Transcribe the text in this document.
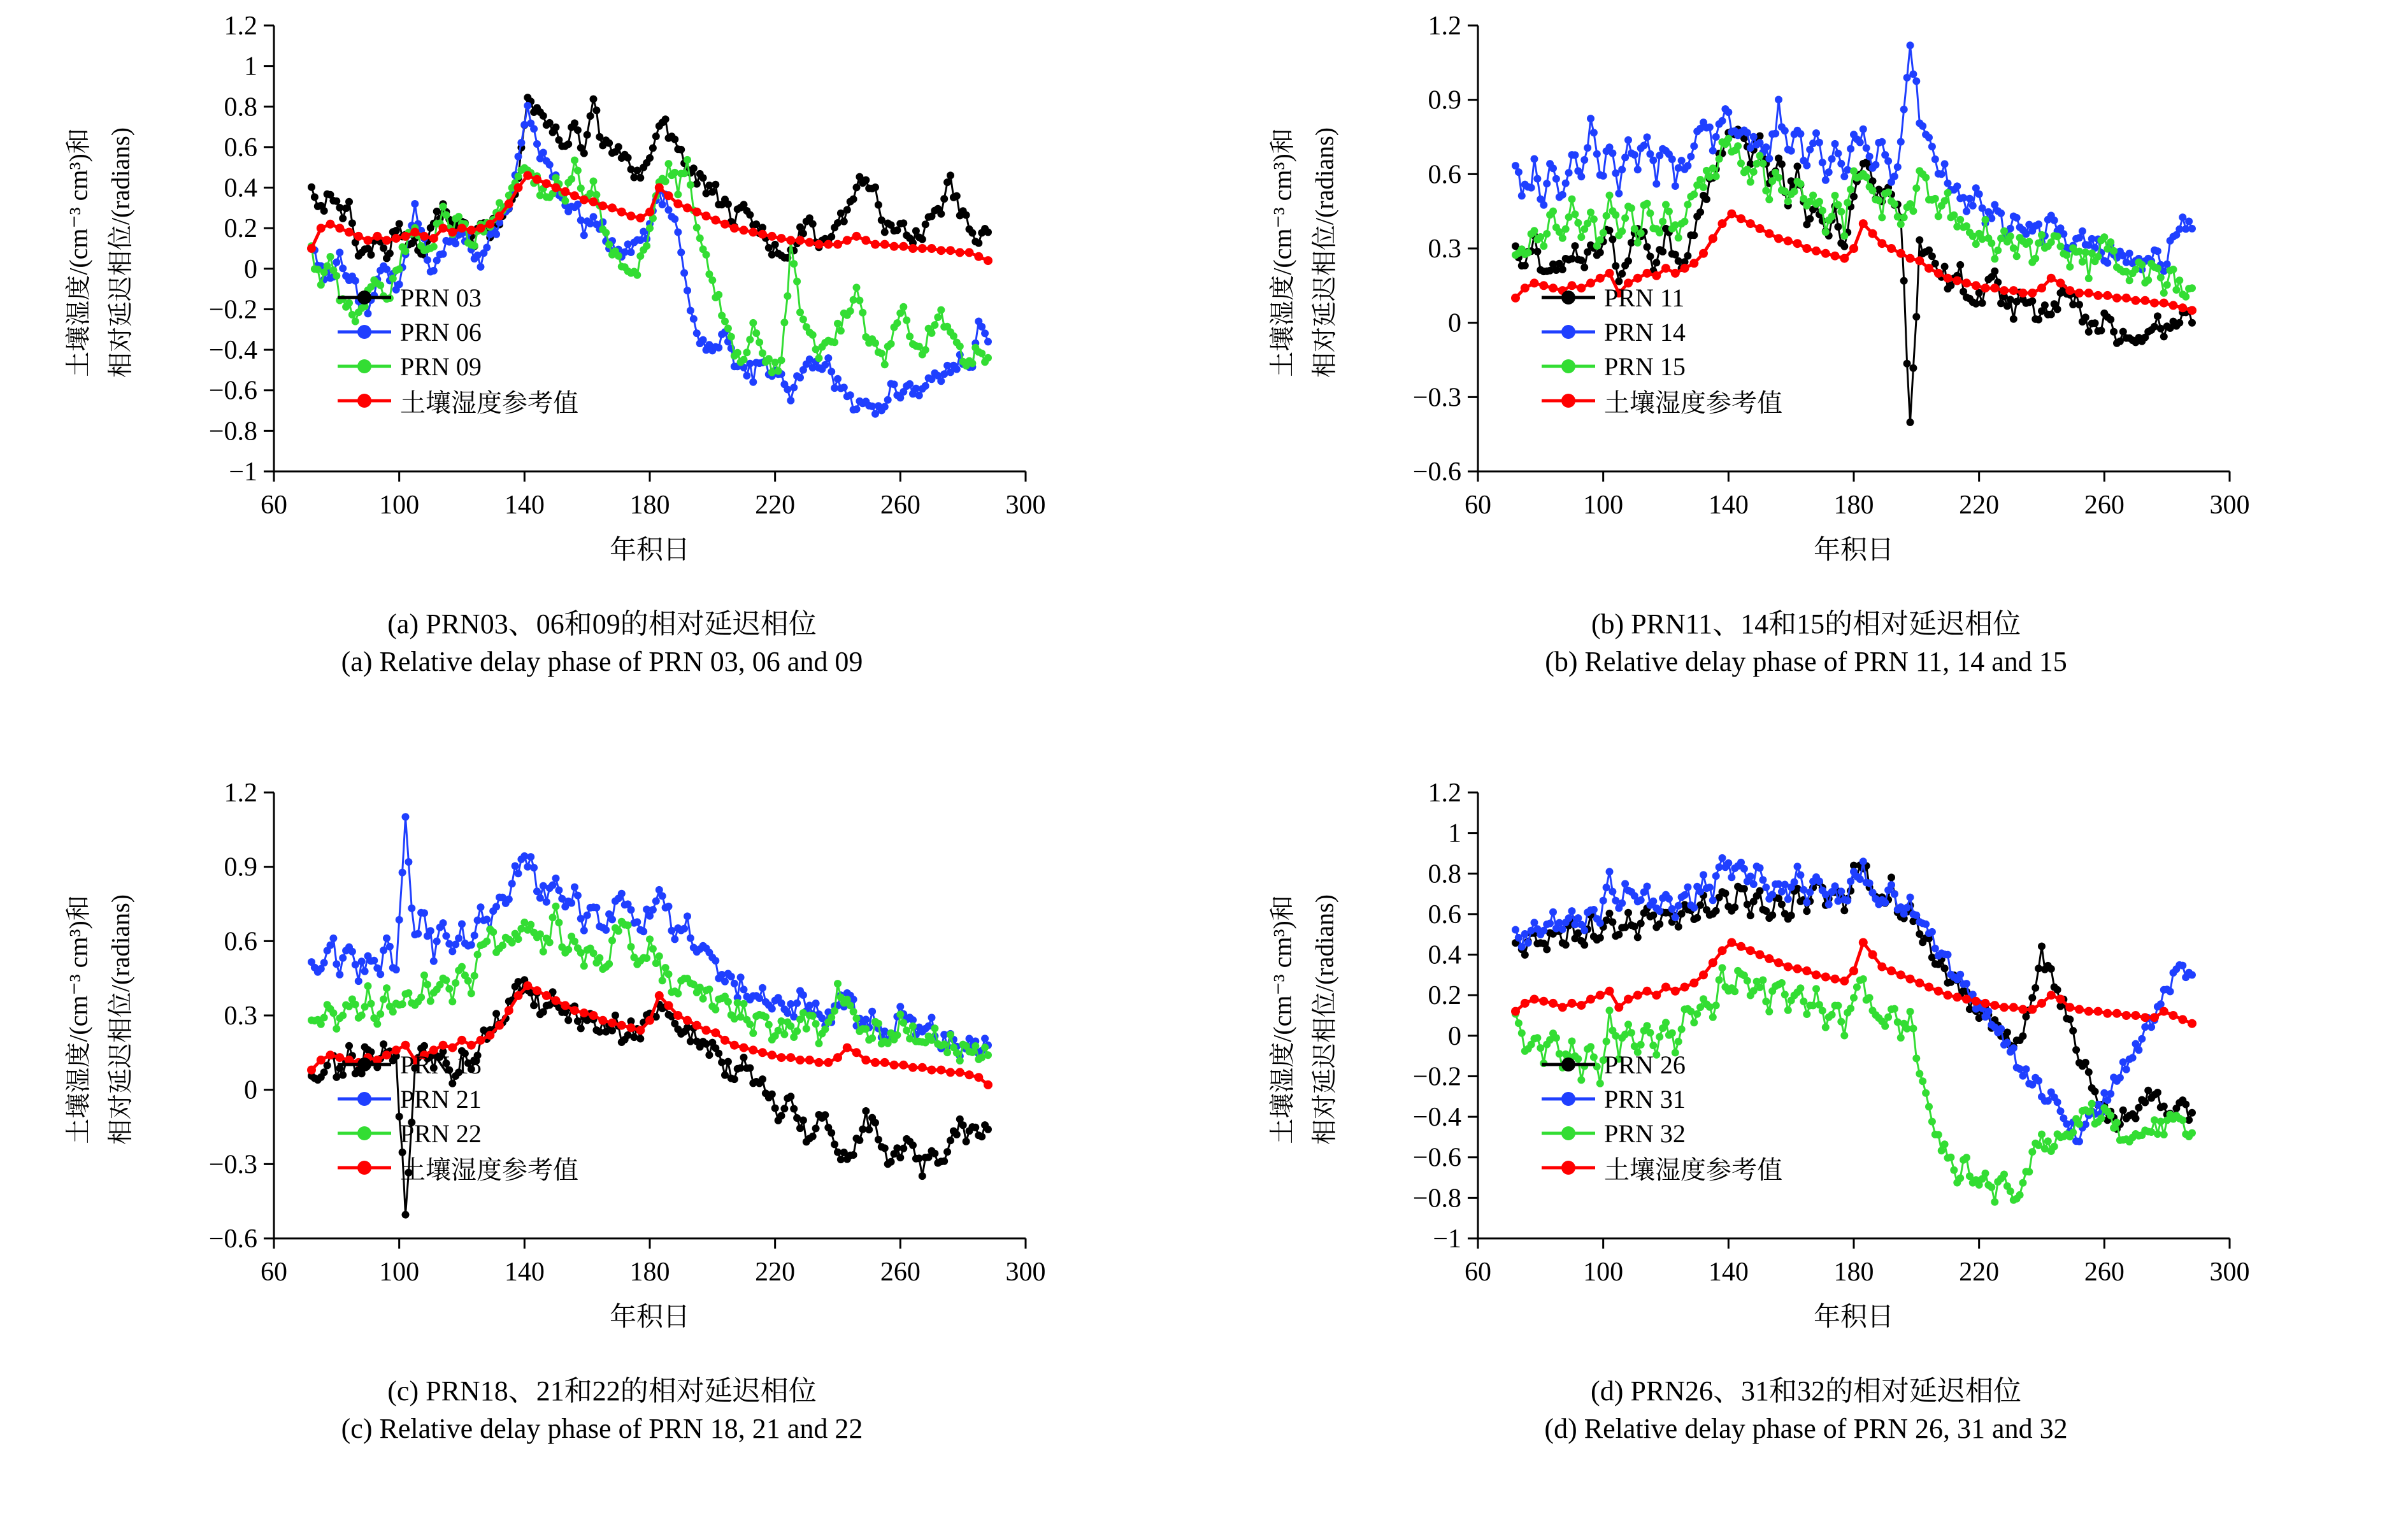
−1
−0.8
−0.6
−0.4
−0.2
0
0.2
0.4
0.6
0.8
1
1.2
60	100	140	180	220	260	300
土壤湿度/(cm⁻³ cm³)和 相对延迟相位/(radians)
年积日
PRN 03
PRN 06
PRN 09
土壤湿度参考值
(a) PRN03、06和09的相对延迟相位
(a) Relative delay phase of PRN 03, 06 and 09
−0.6
−0.3
0
0.3
0.6
0.9
1.2
60	100	140	180	220	260	300
土壤湿度/(cm⁻³ cm³)和 相对延迟相位/(radians)
年积日
PRN 11
PRN 14
PRN 15
土壤湿度参考值
(b) PRN11、14和15的相对延迟相位
(b) Relative delay phase of PRN 11, 14 and 15
−0.6
−0.3
0
0.3
0.6
0.9
1.2
60	100	140	180	220	260	300
土壤湿度/(cm⁻³ cm³)和 相对延迟相位/(radians)
年积日
PRN 18
PRN 21
PRN 22
土壤湿度参考值
(c) PRN18、21和22的相对延迟相位
(c) Relative delay phase of PRN 18, 21 and 22
−1
−0.8
−0.6
−0.4
−0.2
0
0.2
0.4
0.6
0.8
1
1.2
60	100	140	180	220	260	300
土壤湿度/(cm⁻³ cm³)和 相对延迟相位/(radians)
年积日
PRN 26
PRN 31
PRN 32
土壤湿度参考值
(d) PRN26、31和32的相对延迟相位
(d) Relative delay phase of PRN 26, 31 and 32
